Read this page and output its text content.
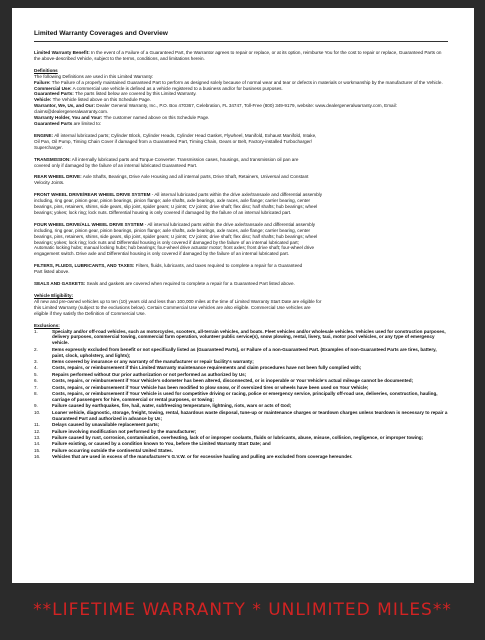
Limited Warranty Coverages and Overview

Limited Warranty Benefit: In the event of a Failure of a Guaranteed Part, the Warrantor agrees to repair or replace, or at its option, reimburse You for the cost to repair or replace, Guaranteed Parts on the above-described Vehicle, subject to the terms, conditions, and limitations herein.

Definitions
The following Definitions are used in this Limited Warranty:
Failure: The Failure of a properly maintained Guaranteed Part to perform as designed solely because of normal wear and tear or defects in materials or workmanship by the manufacturer of the Vehicle.
Commercial Use: A commercial use vehicle is defined as a vehicle registered to a business and/or for business purposes.
Guaranteed Parts: The parts listed below are covered by this Limited Warranty.
Vehicle: The Vehicle listed above on this Schedule Page.
Warrantor, We, Us, and Our: Dealer General Warranty, Inc., P.O. Box 470367, Celebration, FL 34747, Toll-Free (800) 349-9179, website: www.dealergeneralwarranty.com, Email: claims@dealergeneralwarranty.com.
Warranty Holder, You and Your: The customer named above on this Schedule Page.
Guaranteed Parts are limited to:
ENGINE: All internal lubricated parts; Cylinder Block, Cylinder Heads, Cylinder Head Gasket, Flywheel, Manifold, Exhaust Manifold, Intake,
Oil Pan, Oil Pump, Timing Chain Cover if damaged from a Guaranteed Part, Timing Chain, Gears or Belt, Factory-installed Turbocharger/
Supercharger.
TRANSMISSION: All internally lubricated parts and Torque Converter. Transmission cases, housings, and transmission oil pan are
covered only if damaged by the failure of an internal lubricated Guaranteed Part.
REAR WHEEL DRIVE: Axle Shafts, Bearings, Drive Axle Housing and all internal parts, Drive Shaft, Retainers, Universal and Constant
Velocity Joints.
FRONT WHEEL DRIVE/REAR WHEEL DRIVE SYSTEM - All internal lubricated parts within the drive axle/transaxle and differential assembly
including, ring gear, pinion gear, pinion bearings, pinion flange; axle shafts, axle bearings, axle races, axle flange; carrier bearing, center
bearings, pins, retainers, shims, side gears, slip joint, spider gears; U joints; CV joints; drive shaft; flex disc; half shafts; hub bearings; wheel
bearings; yokes; lock ring; lock nuts. Differential housing is only covered if damaged by the failure of an internal lubricated part.
FOUR WHEEL DRIVE/ALL WHEEL DRIVE SYSTEM - All internal lubricated parts within the drive axle/transaxle and differential assembly
including, ring gear, pinion gear, pinion bearings, pinion flange; axle shafts, axle bearings, axle races, axle flange; carrier bearing, center
bearings, pins, retainers, shims, side gears, slip joint, spider gears; U joints; CV joints; drive shaft; flex disc; half shafts; hub bearings; wheel
bearings; yokes; lock ring; lock nuts and Differential housing is only covered if damaged by the failure of an internal lubricated part;
Automatic locking hubs; manual locking hubs; hub bearings; four-wheel drive actuator motor; front axles; front drive shaft; four-wheel drive
engagement switch. Drive axle and Differential housing is only covered if damaged by the failure of an internal lubricated part.
FILTERS, FLUIDS, LUBRICANTS, AND TAXES: Filters, fluids, lubricants, and taxes required to complete a repair for a Guaranteed
Part listed above.
SEALS AND GASKETS: Seals and gaskets are covered when required to complete a repair for a Guaranteed Part listed above.
Vehicle Eligibility:
All new and pre-owned vehicles up to ten (10) years old and less than 100,000 miles at the time of Limited Warranty Start Date are eligible for
this Limited Warranty (subject to the exclusions below). Certain Commercial Use vehicles are also eligible. Commercial Use vehicles are
eligible if they satisfy the Definition of Commercial Use.
Exclusions:
1.	Specialty and/or off-road vehicles, such as motorcycles, scooters, all-terrain vehicles, and boats. Fleet vehicles and/or wholesale vehicles. Vehicles used for construction purposes, delivery purposes, commercial towing, commercial farm operation, volunteer public service(s), snow plowing, rental, livery, taxi, motor pool vehicles, or any type of emergency vehicle.
2.	Items expressly excluded from benefit or not specifically listed as (Guaranteed Parts), or Failure of a non-Guaranteed Part. (Examples of non-Guaranteed Parts are tires, battery, paint, clock, upholstery, and lights);
3.	Items covered by insurance or any warranty of the manufacturer or repair facility's warranty;
4.	Costs, repairs, or reimbursement if this Limited Warranty maintenance requirements and claim procedures have not been fully complied with;
5.	Repairs performed without Our prior authorization or not performed as authorized by Us;
6.	Costs, repairs, or reimbursement if Your Vehicle's odometer has been altered, disconnected, or is inoperable or Your Vehicle's actual mileage cannot be documented;
7.	Costs, repairs, or reimbursement if Your Vehicle has been modified to plow snow, or if oversized tires or wheels have been used on Your Vehicle;
8.	Costs, repairs, or reimbursement if Your Vehicle is used for competitive driving or racing, police or emergency service, principally off-road use, deliveries, construction, hauling, carriage of passengers for hire, commercial or rental purposes, or towing;
9.	Failure caused by earthquakes, fire, hail, water, subfreezing temperature, lightning, riots, wars or acts of God;
10.	Loaner vehicle, diagnostic, storage, freight, towing, rental, hazardous waste disposal, tune-up or maintenance charges or teardown charges unless teardown is necessary to repair a Guaranteed Part and authorized in advance by Us;
11.	Delays caused by unavailable replacement parts;
12.	Failure involving modification not performed by the manufacturer;
13.	Failure caused by rust, corrosion, contamination, overheating, lack of or improper coolants, fluids or lubricants, abuse, misuse, collision, negligence, or improper towing;
14.	Failure existing, or caused by a condition known to You, before the Limited Warranty Start Date; and
15.	Failure occurring outside the continental United States.
16.	Vehicles that are used in excess of the manufacturer's G.V.W. or for excessive hauling and pulling are excluded from coverage hereunder.
**LIFETIME WARRANTY * UNLIMITED MILES**
